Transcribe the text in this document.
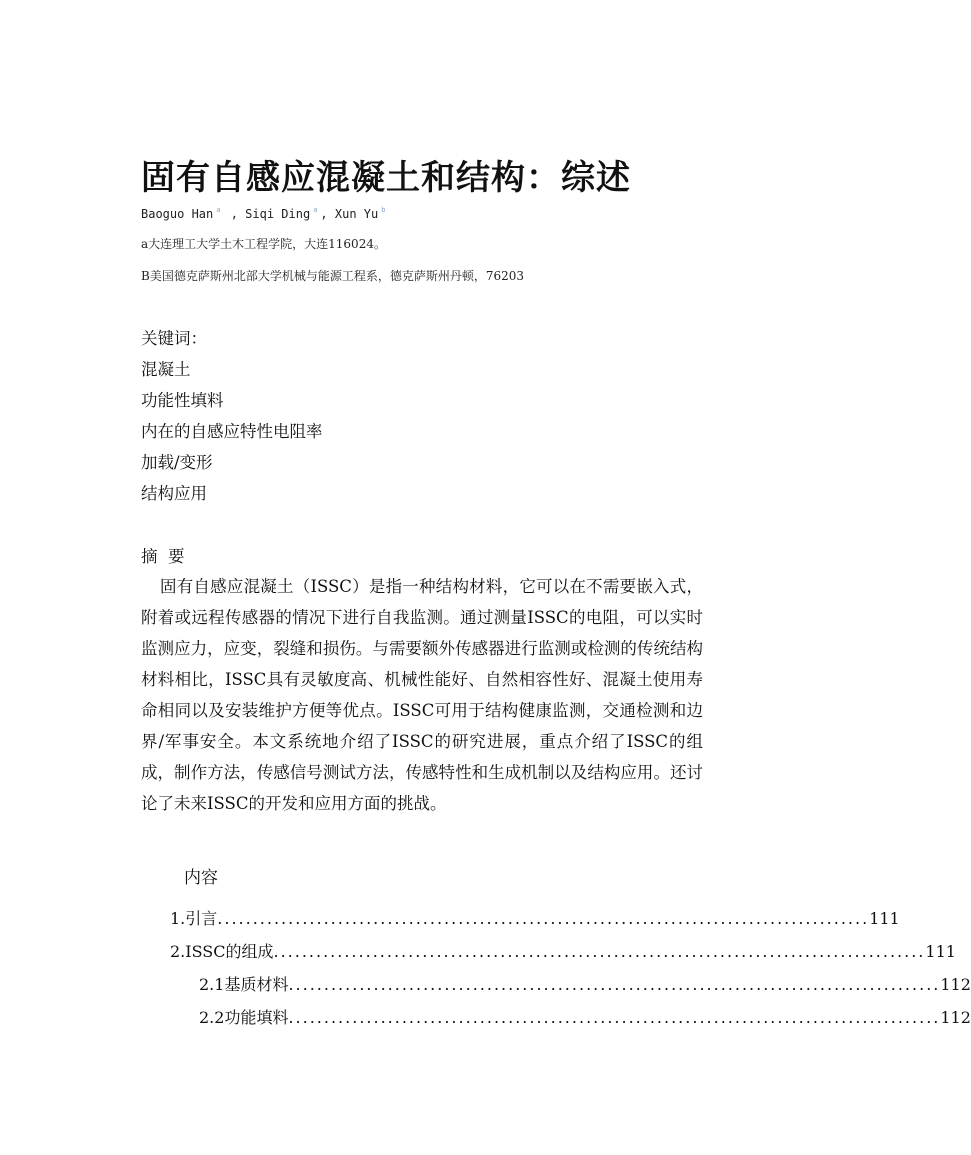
固有自感应混凝土和结构：综述
Baoguo Han $^a$ , Siqi Ding $^a$ , Xun Yu $^b$
a大连理工大学土木工程学院，大连116024。
B美国德克萨斯州北部大学机械与能源工程系，德克萨斯州丹顿，76203
关键词：
混凝土
功能性填料
内在的自感应特性电阻率
加载/变形
结构应用
摘  要
固有自感应混凝土（ISSC）是指一种结构材料，它可以在不需要嵌入式，附着或远程传感器的情况下进行自我监测。通过测量ISSC的电阻，可以实时监测应力，应变，裂缝和损伤。与需要额外传感器进行监测或检测的传统结构材料相比，ISSC具有灵敏度高、机械性能好、自然相容性好、混凝土使用寿命相同以及安装维护方便等优点。ISSC可用于结构健康监测，交通检测和边界/军事安全。本文系统地介绍了ISSC的研究进展，重点介绍了ISSC的组成，制作方法，传感信号测试方法，传感特性和生成机制以及结构应用。还讨论了未来ISSC的开发和应用方面的挑战。
内容
1.引言 ............................................................................................ 111
2.ISSC的组成 ............................................................................................ 111
2.1基质材料 ............................................................................................ 112
2.2功能填料 ............................................................................................ 112
